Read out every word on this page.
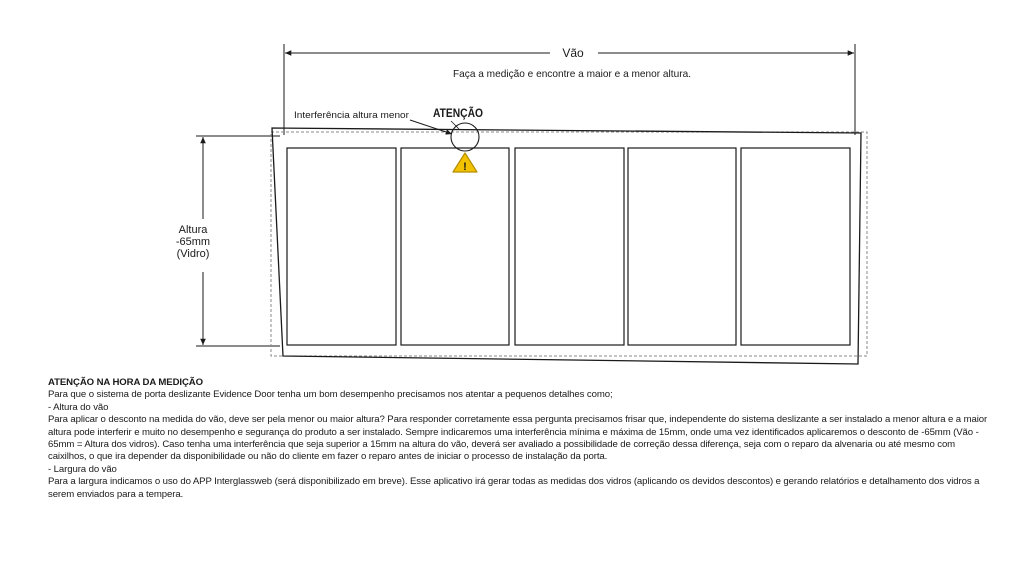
Vão
Faça a medição e encontre a maior e a menor altura.
Altura
-65mm
(Vidro)
Interferência altura menor ATENÇÃO
!

ATENÇÃO NA HORA DA MEDIÇÃO

Para que o sistema de porta deslizante Evidence Door tenha um bom desempenho precisamos nos atentar a pequenos detalhes como;

- Altura do vão

Para aplicar o desconto na medida do vão, deve ser pela menor ou maior altura? Para responder corretamente essa pergunta precisamos frisar que, independente do sistema deslizante a ser instalado a menor altura e a maior altura pode interferir e muito no desempenho e segurança do produto a ser instalado. Sempre indicaremos uma interferência mínima e máxima de 15mm, onde uma vez identificados aplicaremos o desconto de -65mm (Vão - 65mm = Altura dos vidros). Caso tenha uma interferência que seja superior a 15mm na altura do vão, deverá ser avaliado a possibilidade de correção dessa diferença, seja com o reparo da alvenaria ou até mesmo com caixilhos, o que ira depender da disponibilidade ou não do cliente em fazer o reparo antes de iniciar o processo de instalação da porta.

- Largura do vão

Para a largura indicamos o uso do APP Interglassweb (será disponibilizado em breve). Esse aplicativo irá gerar todas as medidas dos vidros (aplicando os devidos descontos) e gerando relatórios e detalhamento dos vidros a serem enviados para a tempera.
